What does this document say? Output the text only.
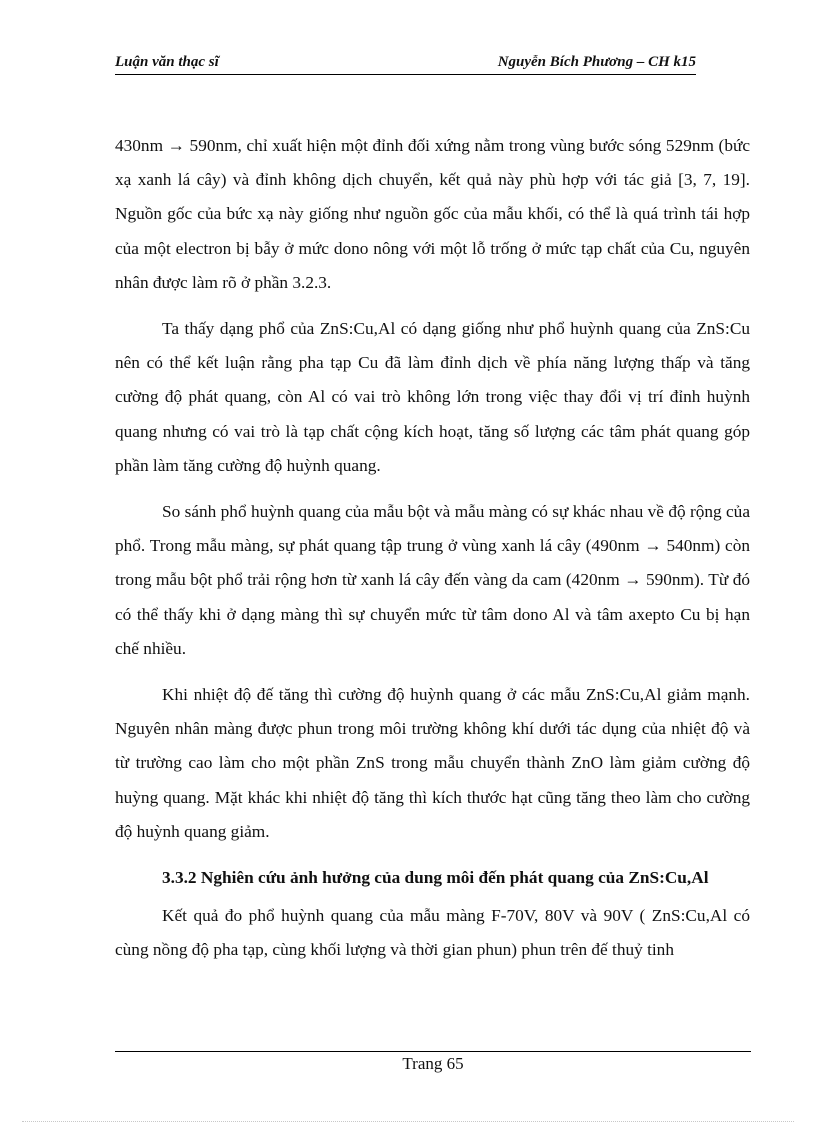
Luận văn thạc sĩ	Nguyễn Bích Phương – CH k15

430nm → 590nm, chỉ xuất hiện một đỉnh đối xứng nằm trong vùng bước sóng 529nm (bức xạ xanh lá cây) và đỉnh không dịch chuyển, kết quả này phù hợp với tác giả [3, 7, 19]. Nguồn gốc của bức xạ này giống như nguồn gốc của mẫu khối, có thể là quá trình tái hợp của một electron bị bẫy ở mức dono nông với một lỗ trống ở mức tạp chất của Cu, nguyên nhân được làm rõ ở phần 3.2.3.

Ta thấy dạng phổ của ZnS:Cu,Al có dạng giống như phổ huỳnh quang của ZnS:Cu nên có thể kết luận rằng pha tạp Cu đã làm đỉnh dịch về phía năng lượng thấp và tăng cường độ phát quang, còn Al có vai trò không lớn trong việc thay đổi vị trí đỉnh huỳnh quang nhưng có vai trò là tạp chất cộng kích hoạt, tăng số lượng các tâm phát quang góp phần làm tăng cường độ huỳnh quang.

So sánh phổ huỳnh quang của mẫu bột và mẫu màng có sự khác nhau về độ rộng của phổ. Trong mẫu màng, sự phát quang tập trung ở vùng xanh lá cây (490nm → 540nm) còn trong mẫu bột phổ trải rộng hơn từ xanh lá cây đến vàng da cam (420nm → 590nm). Từ đó có thể thấy khi ở dạng màng thì sự chuyển mức từ tâm dono Al và tâm axepto Cu bị hạn chế nhiều.

Khi nhiệt độ đế tăng thì cường độ huỳnh quang ở các mẫu ZnS:Cu,Al giảm mạnh. Nguyên nhân màng được phun trong môi trường không khí dưới tác dụng của nhiệt độ và từ trường cao làm cho một phần ZnS trong mẫu chuyển thành ZnO làm giảm cường độ huỳng quang. Mặt khác khi nhiệt độ tăng thì kích thước hạt cũng tăng theo làm cho cường độ huỳnh quang giảm.

3.3.2 Nghiên cứu ảnh hưởng của dung môi đến phát quang của ZnS:Cu,Al

Kết quả đo phổ huỳnh quang của mẫu màng F-70V, 80V và 90V ( ZnS:Cu,Al có cùng nồng độ pha tạp, cùng khối lượng và thời gian phun) phun trên đế thuỷ tinh

Trang 65
